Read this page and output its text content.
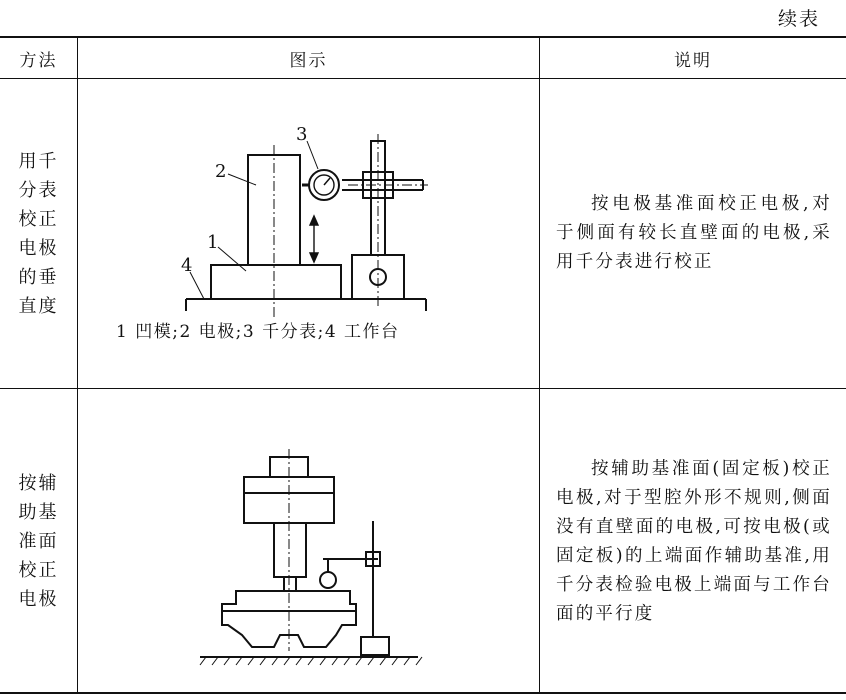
续表
方法	图示	说明
用千分表校正电极的垂直度
2
1
3
4
1 凹模;2 电极;3 千分表;4 工作台
按电极基准面校正电极,对于侧面有较长直壁面的电极,采用千分表进行校正
按辅助基准面校正电极
按辅助基准面(固定板)校正电极,对于型腔外形不规则,侧面没有直壁面的电极,可按电极(或固定板)的上端面作辅助基准,用千分表检验电极上端面与工作台面的平行度
